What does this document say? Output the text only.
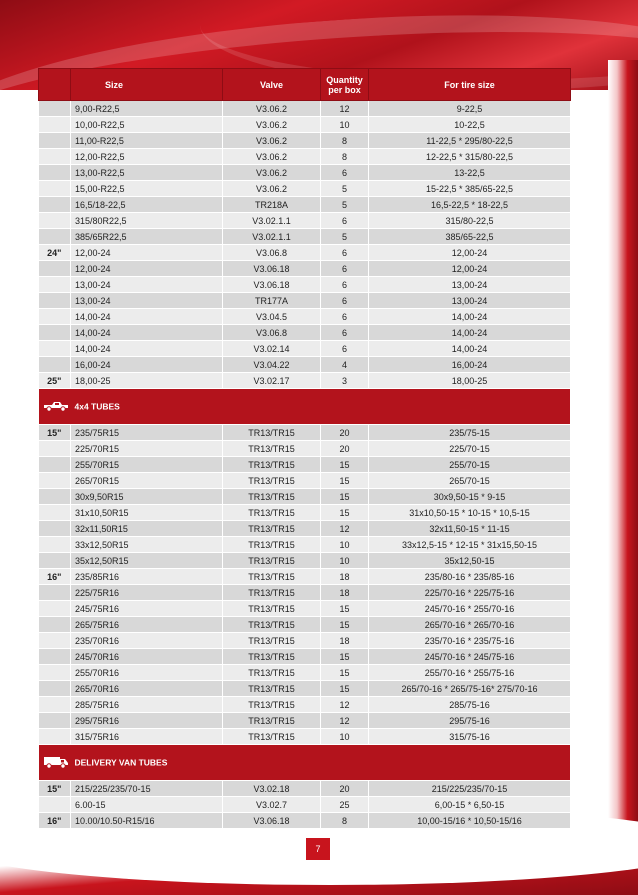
	Size	Valve	Quantity
per box	For tire size
	9,00-R22,5	V3.06.2	12	9-22,5
	10,00-R22,5	V3.06.2	10	10-22,5
	11,00-R22,5	V3.06.2	8	11-22,5 * 295/80-22,5
	12,00-R22,5	V3.06.2	8	12-22,5 * 315/80-22,5
	13,00-R22,5	V3.06.2	6	13-22,5
	15,00-R22,5	V3.06.2	5	15-22,5 * 385/65-22,5
	16,5/18-22,5	TR218A	5	16,5-22,5 * 18-22,5
	315/80R22,5	V3.02.1.1	6	315/80-22,5
	385/65R22,5	V3.02.1.1	5	385/65-22,5
24"	12,00-24	V3.06.8	6	12,00-24
	12,00-24	V3.06.18	6	12,00-24
	13,00-24	V3.06.18	6	13,00-24
	13,00-24	TR177A	6	13,00-24
	14,00-24	V3.04.5	6	14,00-24
	14,00-24	V3.06.8	6	14,00-24
	14,00-24	V3.02.14	6	14,00-24
	16,00-24	V3.04.22	4	16,00-24
25"	18,00-25	V3.02.17	3	18,00-25
4x4 TUBES				
15"	235/75R15	TR13/TR15	20	235/75-15
	225/70R15	TR13/TR15	20	225/70-15
	255/70R15	TR13/TR15	15	255/70-15
	265/70R15	TR13/TR15	15	265/70-15
	30x9,50R15	TR13/TR15	15	30x9,50-15 * 9-15
	31x10,50R15	TR13/TR15	15	31x10,50-15 * 10-15 * 10,5-15
	32x11,50R15	TR13/TR15	12	32x11,50-15 * 11-15
	33x12,50R15	TR13/TR15	10	33x12,5-15 * 12-15 * 31x15,50-15
	35x12,50R15	TR13/TR15	10	35x12,50-15
16"	235/85R16	TR13/TR15	18	235/80-16 * 235/85-16
	225/75R16	TR13/TR15	18	225/70-16 * 225/75-16
	245/75R16	TR13/TR15	15	245/70-16 * 255/70-16
	265/75R16	TR13/TR15	15	265/70-16 * 265/70-16
	235/70R16	TR13/TR15	18	235/70-16 * 235/75-16
	245/70R16	TR13/TR15	15	245/70-16 * 245/75-16
	255/70R16	TR13/TR15	15	255/70-16 * 255/75-16
	265/70R16	TR13/TR15	15	265/70-16 * 265/75-16* 275/70-16
	285/75R16	TR13/TR15	12	285/75-16
	295/75R16	TR13/TR15	12	295/75-16
	315/75R16	TR13/TR15	10	315/75-16
DELIVERY VAN TUBES				
15"	215/225/235/70-15	V3.02.18	20	215/225/235/70-15
	6.00-15	V3.02.7	25	6,00-15 * 6,50-15
16"	10.00/10.50-R15/16	V3.06.18	8	10,00-15/16 * 10,50-15/16
7
